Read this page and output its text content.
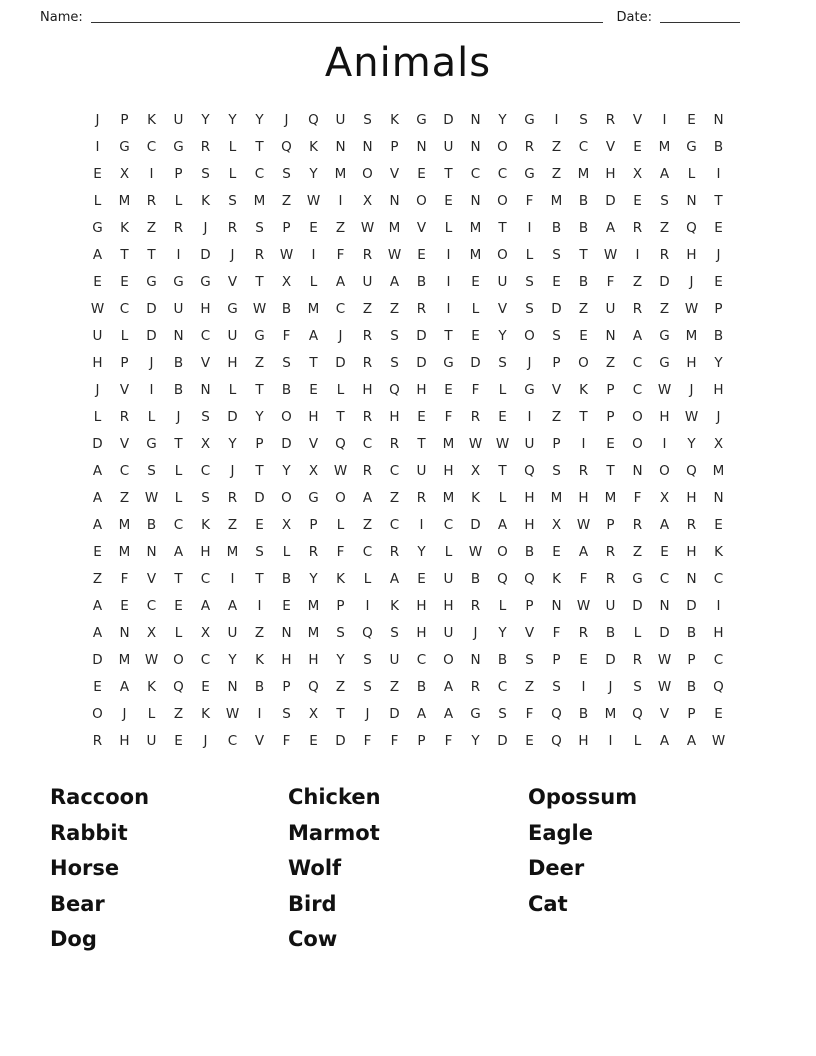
Name:	Date:
Animals
J P K U Y Y Y J Q U S K G D N Y G I S R V I E N
I G C G R L T Q K N N P N U N O R Z C V E M G B
E X I P S L C S Y M O V E T C C G Z M H X A L I
L M R L K S M Z W I X N O E N O F M B D E S N T
G K Z R J R S P E Z W M V L M T I B B A R Z Q E
A T T I D J R W I F R W E I M O L S T W I R H J
E E G G G V T X L A U A B I E U S E B F Z D J E
W C D U H G W B M C Z Z R I L V S D Z U R Z W P
U L D N C U G F A J R S D T E Y O S E N A G M B
H P J B V H Z S T D R S D G D S J P O Z C G H Y
J V I B N L T B E L H Q H E F L G V K P C W J H
L R L J S D Y O H T R H E F R E I Z T P O H W J
D V G T X Y P D V Q C R T M W W U P I E O I Y X
A C S L C J T Y X W R C U H X T Q S R T N O Q M
A Z W L S R D O G O A Z R M K L H M H M F X H N
A M B C K Z E X P L Z C I C D A H X W P R A R E
E M N A H M S L R F C R Y L W O B E A R Z E H K
Z F V T C I T B Y K L A E U B Q Q K F R G C N C
A E C E A A I E M P I K H H R L P N W U D N D I
A N X L X U Z N M S Q S H U J Y V F R B L D B H
D M W O C Y K H H Y S U C O N B S P E D R W P C
E A K Q E N B P Q Z S Z B A R C Z S I J S W B Q
O J L Z K W I S X T J D A A G S F Q B M Q V P E
R H U E J C V F E D F F P F Y D E Q H I L A A W
Raccoon
Rabbit
Horse
Bear
Dog
Chicken
Marmot
Wolf
Bird
Cow
Opossum
Eagle
Deer
Cat
